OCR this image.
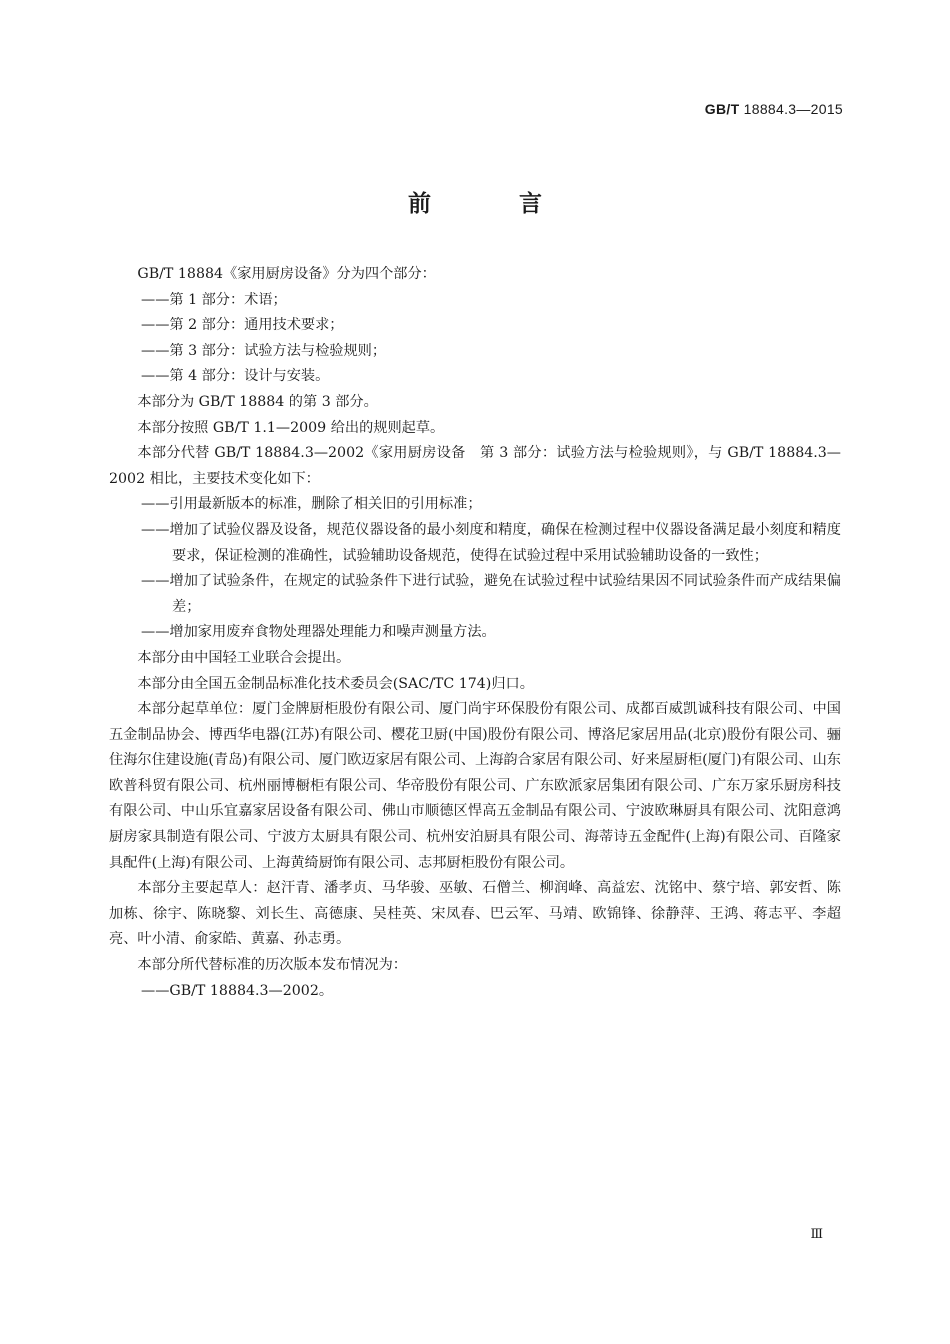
GB/T 18884.3—2015
前 言

GB/T 18884《家用厨房设备》分为四个部分：

——第 1 部分：术语；

——第 2 部分：通用技术要求；

——第 3 部分：试验方法与检验规则；

——第 4 部分：设计与安装。

本部分为 GB/T 18884 的第 3 部分。

本部分按照 GB/T 1.1—2009 给出的规则起草。

本部分代替 GB/T 18884.3—2002《家用厨房设备　第 3 部分：试验方法与检验规则》，与 GB/T 18884.3—2002 相比，主要技术变化如下：

——引用最新版本的标准，删除了相关旧的引用标准；

——增加了试验仪器及设备，规范仪器设备的最小刻度和精度，确保在检测过程中仪器设备满足最小刻度和精度要求，保证检测的准确性，试验辅助设备规范，使得在试验过程中采用试验辅助设备的一致性；

——增加了试验条件，在规定的试验条件下进行试验，避免在试验过程中试验结果因不同试验条件而产成结果偏差；

——增加家用废弃食物处理器处理能力和噪声测量方法。

本部分由中国轻工业联合会提出。

本部分由全国五金制品标准化技术委员会(SAC/TC 174)归口。

本部分起草单位：厦门金牌厨柜股份有限公司、厦门尚宇环保股份有限公司、成都百威凯诚科技有限公司、中国五金制品协会、博西华电器(江苏)有限公司、樱花卫厨(中国)股份有限公司、博洛尼家居用品(北京)股份有限公司、骊住海尔住建设施(青岛)有限公司、厦门欧迈家居有限公司、上海韵合家居有限公司、好来屋厨柜(厦门)有限公司、山东欧普科贸有限公司、杭州丽博橱柜有限公司、华帝股份有限公司、广东欧派家居集团有限公司、广东万家乐厨房科技有限公司、中山乐宜嘉家居设备有限公司、佛山市顺德区悍高五金制品有限公司、宁波欧琳厨具有限公司、沈阳意鸿厨房家具制造有限公司、宁波方太厨具有限公司、杭州安泊厨具有限公司、海蒂诗五金配件(上海)有限公司、百隆家具配件(上海)有限公司、上海黄绮厨饰有限公司、志邦厨柜股份有限公司。

本部分主要起草人：赵汗青、潘孝贞、马华骏、巫敏、石僧兰、柳润峰、高益宏、沈铭中、蔡宁培、郭安哲、陈加栋、徐宇、陈晓黎、刘长生、高德康、吴桂英、宋凤春、巴云军、马靖、欧锦锋、徐静萍、王鸿、蒋志平、李超亮、叶小清、俞家皓、黄嘉、孙志勇。

本部分所代替标准的历次版本发布情况为：

——GB/T 18884.3—2002。

Ⅲ
